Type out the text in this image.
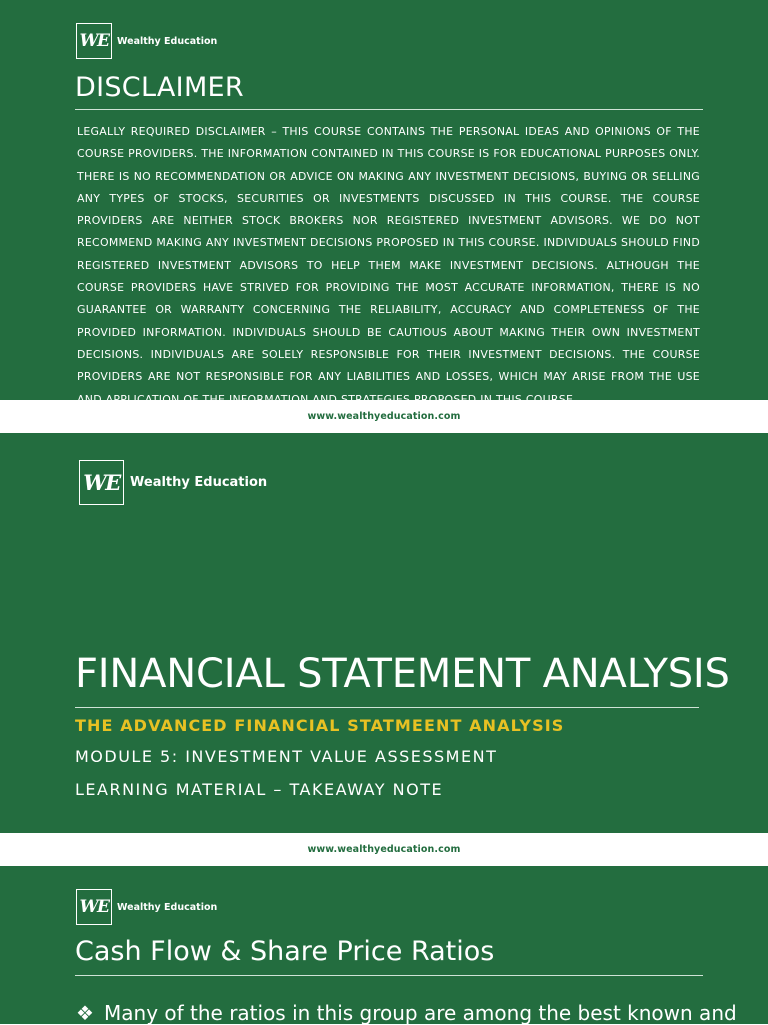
WE Wealthy Education
DISCLAIMER
LEGALLY REQUIRED DISCLAIMER – THIS COURSE CONTAINS THE PERSONAL IDEAS AND OPINIONS OF THE COURSE PROVIDERS. THE INFORMATION CONTAINED IN THIS COURSE IS FOR EDUCATIONAL PURPOSES ONLY. THERE IS NO RECOMMENDATION OR ADVICE ON MAKING ANY INVESTMENT DECISIONS, BUYING OR SELLING ANY TYPES OF STOCKS, SECURITIES OR INVESTMENTS DISCUSSED IN THIS COURSE. THE COURSE PROVIDERS ARE NEITHER STOCK BROKERS NOR REGISTERED INVESTMENT ADVISORS. WE DO NOT RECOMMEND MAKING ANY INVESTMENT DECISIONS PROPOSED IN THIS COURSE. INDIVIDUALS SHOULD FIND REGISTERED INVESTMENT ADVISORS TO HELP THEM MAKE INVESTMENT DECISIONS. ALTHOUGH THE COURSE PROVIDERS HAVE STRIVED FOR PROVIDING THE MOST ACCURATE INFORMATION, THERE IS NO GUARANTEE OR WARRANTY CONCERNING THE RELIABILITY, ACCURACY AND COMPLETENESS OF THE PROVIDED INFORMATION. INDIVIDUALS SHOULD BE CAUTIOUS ABOUT MAKING THEIR OWN INVESTMENT DECISIONS. INDIVIDUALS ARE SOLELY RESPONSIBLE FOR THEIR INVESTMENT DECISIONS. THE COURSE PROVIDERS ARE NOT RESPONSIBLE FOR ANY LIABILITIES AND LOSSES, WHICH MAY ARISE FROM THE USE
www.wealthyeducation.com
WE Wealthy Education
FINANCIAL STATEMENT ANALYSIS
THE ADVANCED FINANCIAL STATMEENT ANALYSIS
MODULE 5: INVESTMENT VALUE ASSESSMENT
LEARNING MATERIAL – TAKEAWAY NOTE
www.wealthyeducation.com
WE Wealthy Education
Cash Flow & Share Price Ratios
❖ Many of the ratios in this group are among the best known and
